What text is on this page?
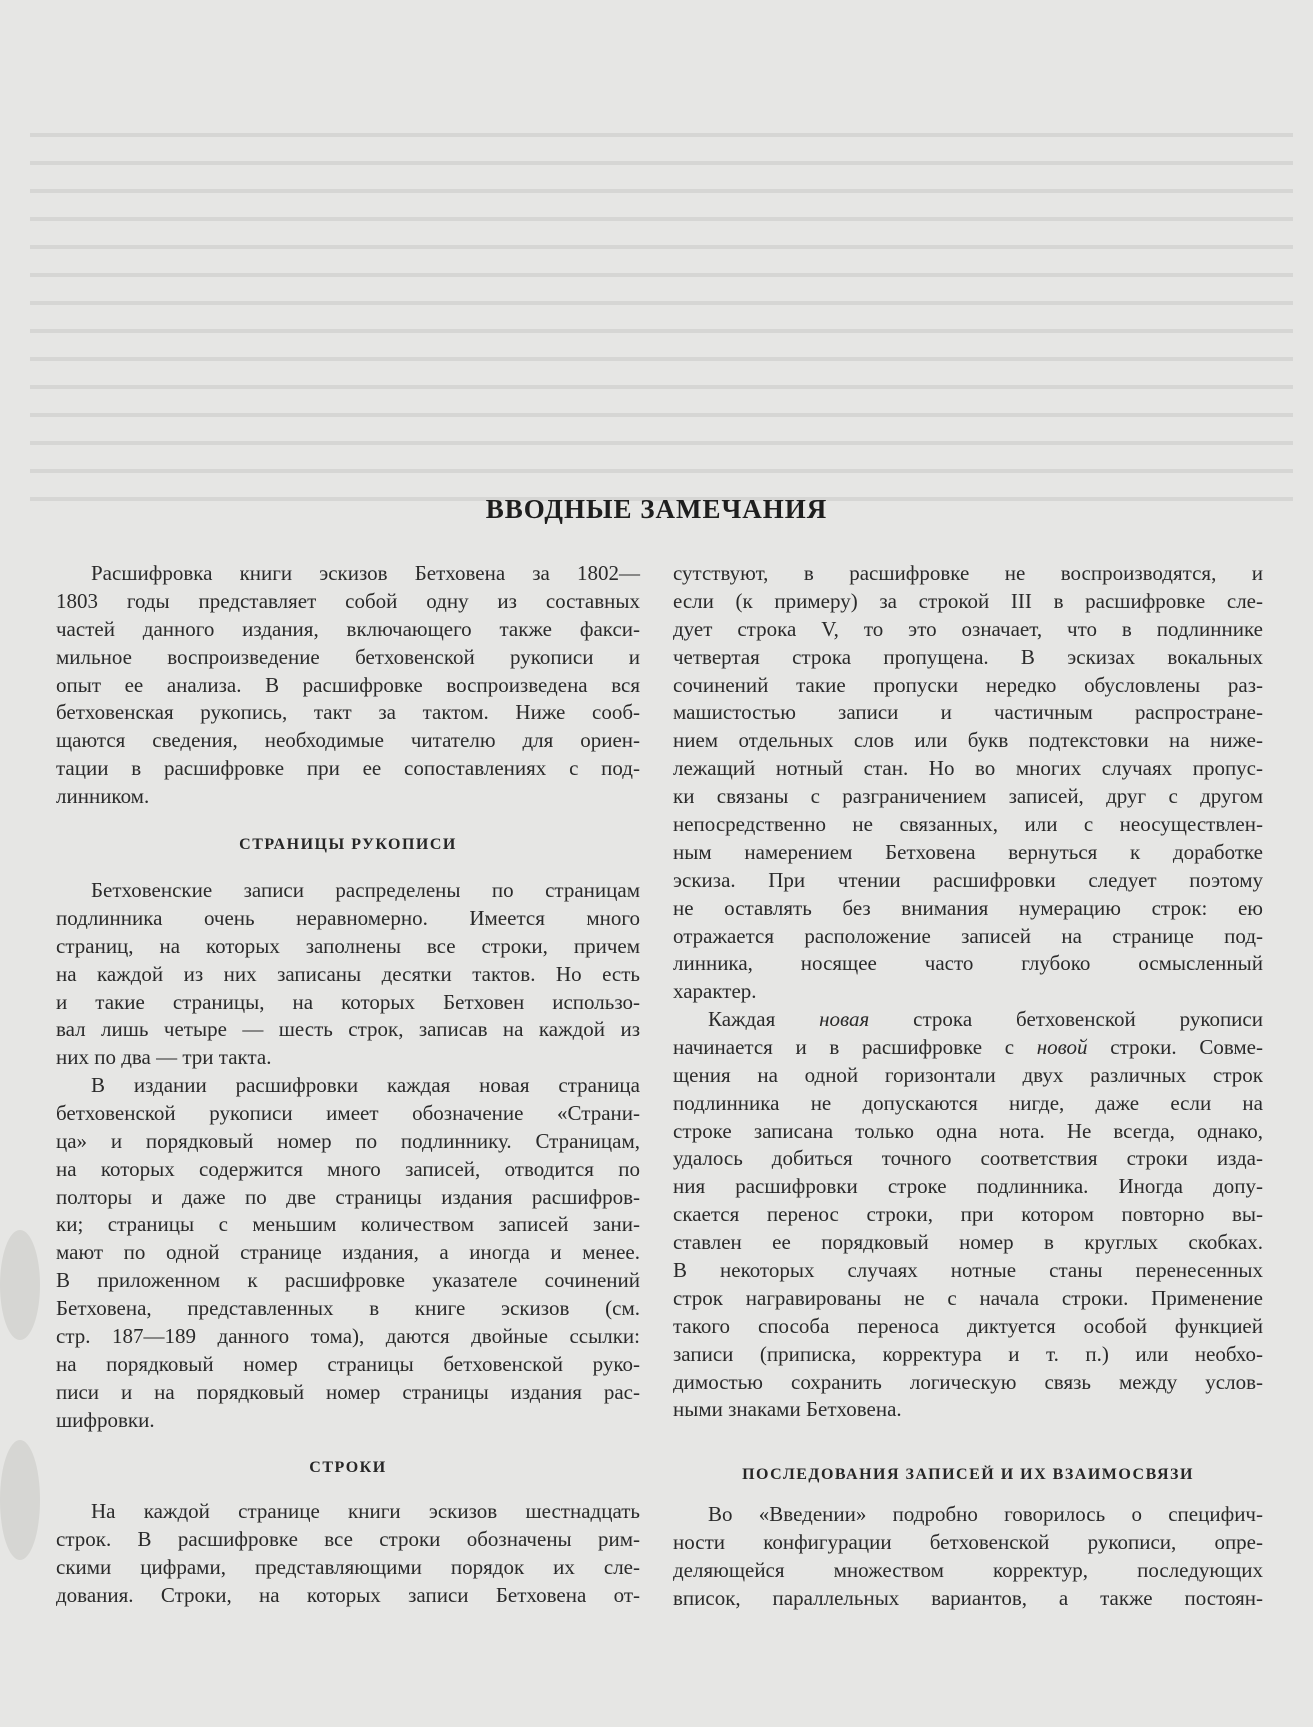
ВВОДНЫЕ ЗАМЕЧАНИЯ
Расшифровка книги эскизов Бетховена за 1802—
1803 годы представляет собой одну из составных
частей данного издания, включающего также факси-
мильное воспроизведение бетховенской рукописи и
опыт ее анализа. В расшифровке воспроизведена вся
бетховенская рукопись, такт за тактом. Ниже сооб-
щаются сведения, необходимые читателю для ориен-
тации в расшифровке при ее сопоставлениях с под-
линником.
СТРАНИЦЫ РУКОПИСИ
Бетховенские записи распределены по страницам
подлинника очень неравномерно. Имеется много
страниц, на которых заполнены все строки, причем
на каждой из них записаны десятки тактов. Но есть
и такие страницы, на которых Бетховен использо-
вал лишь четыре — шесть строк, записав на каждой из
них по два — три такта.
В издании расшифровки каждая новая страница
бетховенской рукописи имеет обозначение «Страни-
ца» и порядковый номер по подлиннику. Страницам,
на которых содержится много записей, отводится по
полторы и даже по две страницы издания расшифров-
ки; страницы с меньшим количеством записей зани-
мают по одной странице издания, а иногда и менее.
В приложенном к расшифровке указателе сочинений
Бетховена, представленных в книге эскизов (см.
стр. 187—189 данного тома), даются двойные ссылки:
на порядковый номер страницы бетховенской руко-
писи и на порядковый номер страницы издания рас-
шифровки.
СТРОКИ
На каждой странице книги эскизов шестнадцать
строк. В расшифровке все строки обозначены рим-
скими цифрами, представляющими порядок их сле-
дования. Строки, на которых записи Бетховена от-
сутствуют, в расшифровке не воспроизводятся, и
если (к примеру) за строкой III в расшифровке сле-
дует строка V, то это означает, что в подлиннике
четвертая строка пропущена. В эскизах вокальных
сочинений такие пропуски нередко обусловлены раз-
машистостью записи и частичным распростране-
нием отдельных слов или букв подтекстовки на ниже-
лежащий нотный стан. Но во многих случаях пропус-
ки связаны с разграничением записей, друг с другом
непосредственно не связанных, или с неосуществлен-
ным намерением Бетховена вернуться к доработке
эскиза. При чтении расшифровки следует поэтому
не оставлять без внимания нумерацию строк: ею
отражается расположение записей на странице под-
линника, носящее часто глубоко осмысленный
характер.
Каждая новая строка бетховенской рукописи
начинается и в расшифровке с новой строки. Совме-
щения на одной горизонтали двух различных строк
подлинника не допускаются нигде, даже если на
строке записана только одна нота. Не всегда, однако,
удалось добиться точного соответствия строки изда-
ния расшифровки строке подлинника. Иногда допу-
скается перенос строки, при котором повторно вы-
ставлен ее порядковый номер в круглых скобках.
В некоторых случаях нотные станы перенесенных
строк награвированы не с начала строки. Применение
такого способа переноса диктуется особой функцией
записи (приписка, корректура и т. п.) или необхо-
димостью сохранить логическую связь между услов-
ными знаками Бетховена.
ПОСЛЕДОВАНИЯ ЗАПИСЕЙ И ИХ ВЗАИМОСВЯЗИ
Во «Введении» подробно говорилось о специфич-
ности конфигурации бетховенской рукописи, опре-
деляющейся множеством корректур, последующих
вписок, параллельных вариантов, а также постоян-
